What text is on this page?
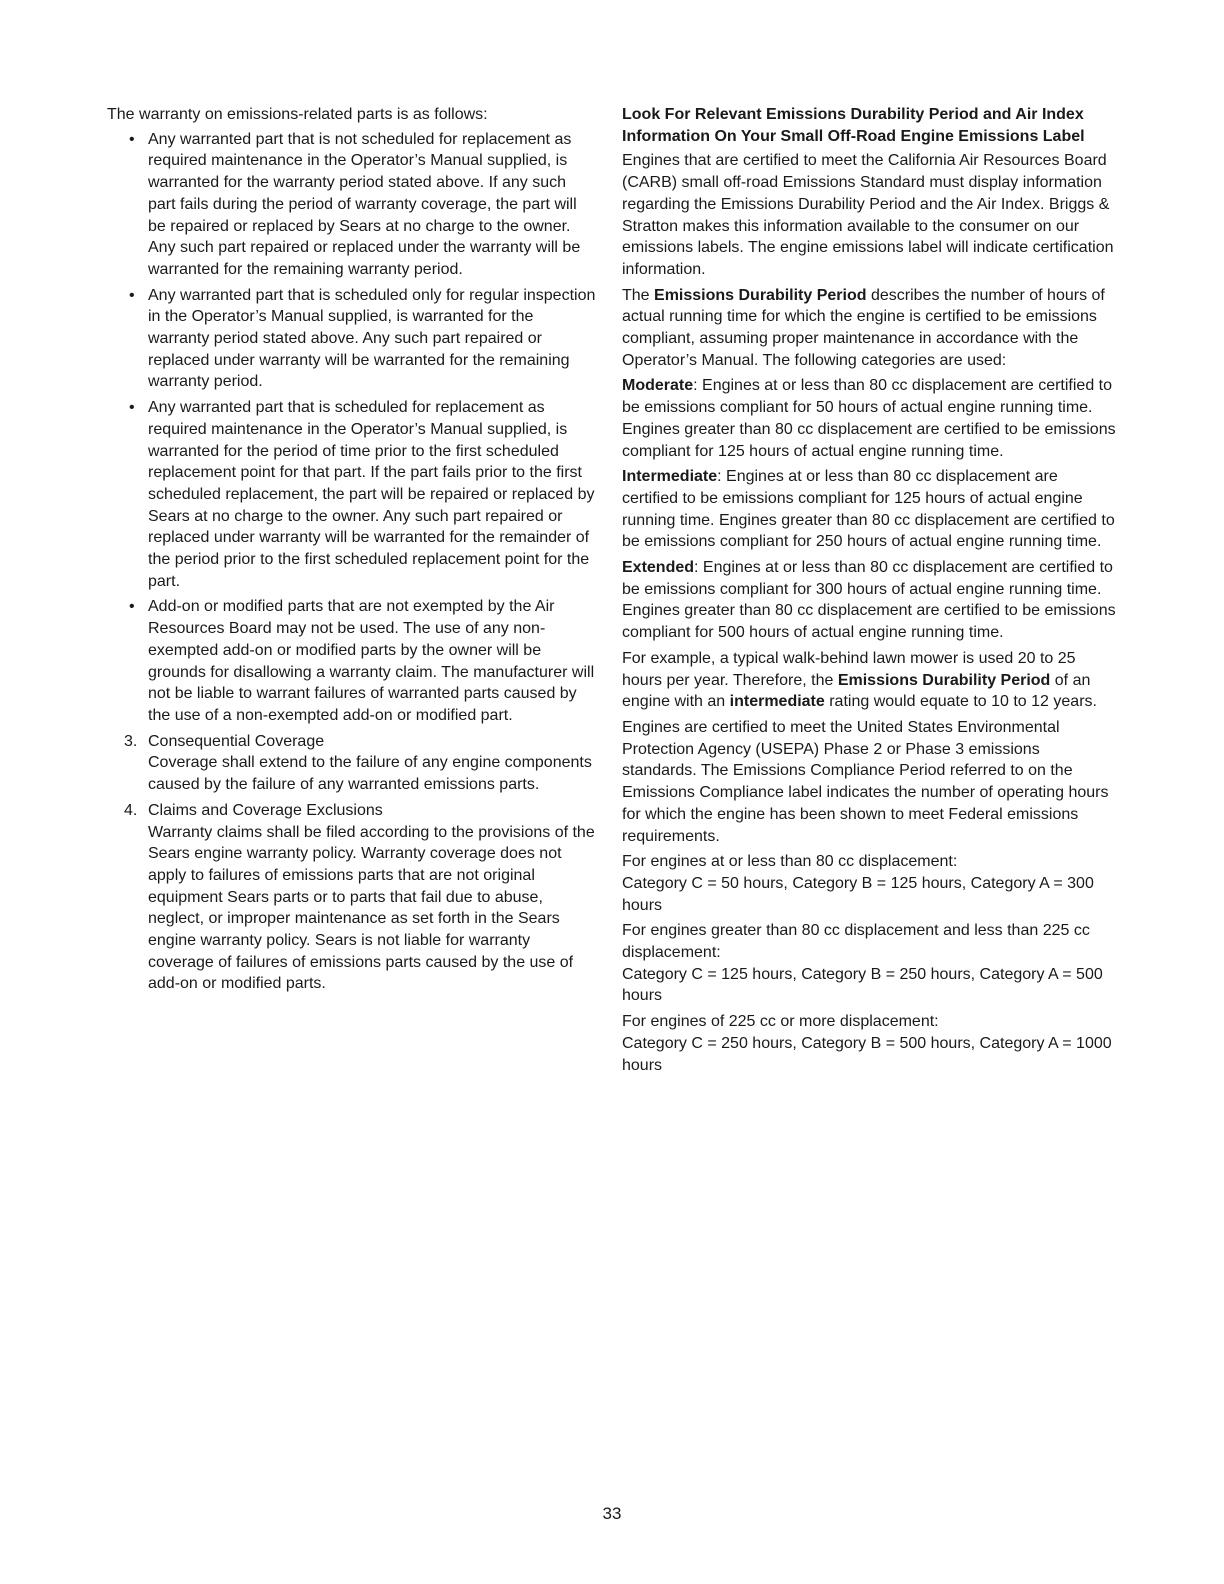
The warranty on emissions-related parts is as follows:

• Any warranted part that is not scheduled for replacement as required maintenance in the Operator’s Manual supplied, is warranted for the warranty period stated above. If any such part fails during the period of warranty coverage, the part will be repaired or replaced by Sears at no charge to the owner. Any such part repaired or replaced under the warranty will be warranted for the remaining warranty period.
• Any warranted part that is scheduled only for regular inspection in the Operator’s Manual supplied, is warranted for the warranty period stated above. Any such part repaired or replaced under warranty will be warranted for the remaining warranty period.
• Any warranted part that is scheduled for replacement as required maintenance in the Operator’s Manual supplied, is warranted for the period of time prior to the first scheduled replacement point for that part. If the part fails prior to the first scheduled replacement, the part will be repaired or replaced by Sears at no charge to the owner. Any such part repaired or replaced under warranty will be warranted for the remainder of the period prior to the first scheduled replacement point for the part.
• Add-on or modified parts that are not exempted by the Air Resources Board may not be used. The use of any non-exempted add-on or modified parts by the owner will be grounds for disallowing a warranty claim. The manufacturer will not be liable to warrant failures of warranted parts caused by the use of a non-exempted add-on or modified part.
3. Consequential Coverage
Coverage shall extend to the failure of any engine components caused by the failure of any warranted emissions parts.
4. Claims and Coverage Exclusions
Warranty claims shall be filed according to the provisions of the Sears engine warranty policy. Warranty coverage does not apply to failures of emissions parts that are not original equipment Sears parts or to parts that fail due to abuse, neglect, or improper maintenance as set forth in the Sears engine warranty policy. Sears is not liable for warranty coverage of failures of emissions parts caused by the use of add-on or modified parts.

Look For Relevant Emissions Durability Period and Air Index Information On Your Small Off-Road Engine Emissions Label

Engines that are certified to meet the California Air Resources Board (CARB) small off-road Emissions Standard must display information regarding the Emissions Durability Period and the Air Index. Briggs & Stratton makes this information available to the consumer on our emissions labels. The engine emissions label will indicate certification information.

The Emissions Durability Period describes the number of hours of actual running time for which the engine is certified to be emissions compliant, assuming proper maintenance in accordance with the Operator’s Manual. The following categories are used:

Moderate: Engines at or less than 80 cc displacement are certified to be emissions compliant for 50 hours of actual engine running time. Engines greater than 80 cc displacement are certified to be emissions compliant for 125 hours of actual engine running time.

Intermediate: Engines at or less than 80 cc displacement are certified to be emissions compliant for 125 hours of actual engine running time. Engines greater than 80 cc displacement are certified to be emissions compliant for 250 hours of actual engine running time.

Extended: Engines at or less than 80 cc displacement are certified to be emissions compliant for 300 hours of actual engine running time. Engines greater than 80 cc displacement are certified to be emissions compliant for 500 hours of actual engine running time.

For example, a typical walk-behind lawn mower is used 20 to 25 hours per year. Therefore, the Emissions Durability Period of an engine with an intermediate rating would equate to 10 to 12 years.

Engines are certified to meet the United States Environmental Protection Agency (USEPA) Phase 2 or Phase 3 emissions standards. The Emissions Compliance Period referred to on the Emissions Compliance label indicates the number of operating hours for which the engine has been shown to meet Federal emissions requirements.

For engines at or less than 80 cc displacement:
Category C = 50 hours, Category B = 125 hours, Category A = 300 hours
For engines greater than 80 cc displacement and less than 225 cc displacement:
Category C = 125 hours, Category B = 250 hours, Category A = 500 hours
For engines of 225 cc or more displacement:
Category C = 250 hours, Category B = 500 hours, Category A = 1000 hours
33
